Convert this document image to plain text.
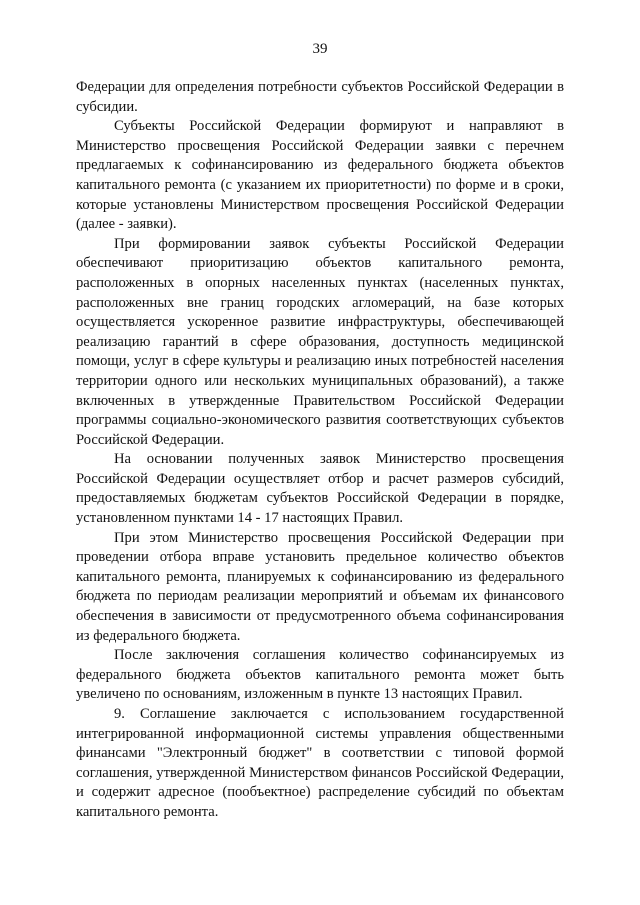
39

Федерации для определения потребности субъектов Российской Федерации в субсидии.

Субъекты Российской Федерации формируют и направляют в Министерство просвещения Российской Федерации заявки с перечнем предлагаемых к софинансированию из федерального бюджета объектов капитального ремонта (с указанием их приоритетности) по форме и в сроки, которые установлены Министерством просвещения Российской Федерации (далее - заявки).

При формировании заявок субъекты Российской Федерации обеспечивают приоритизацию объектов капитального ремонта, расположенных в опорных населенных пунктах (населенных пунктах, расположенных вне границ городских агломераций, на базе которых осуществляется ускоренное развитие инфраструктуры, обеспечивающей реализацию гарантий в сфере образования, доступность медицинской помощи, услуг в сфере культуры и реализацию иных потребностей населения территории одного или нескольких муниципальных образований), а также включенных в утвержденные Правительством Российской Федерации программы социально-экономического развития соответствующих субъектов Российской Федерации.

На основании полученных заявок Министерство просвещения Российской Федерации осуществляет отбор и расчет размеров субсидий, предоставляемых бюджетам субъектов Российской Федерации в порядке, установленном пунктами 14 - 17 настоящих Правил.

При этом Министерство просвещения Российской Федерации при проведении отбора вправе установить предельное количество объектов капитального ремонта, планируемых к софинансированию из федерального бюджета по периодам реализации мероприятий и объемам их финансового обеспечения в зависимости от предусмотренного объема софинансирования из федерального бюджета.

После заключения соглашения количество софинансируемых из федерального бюджета объектов капитального ремонта может быть увеличено по основаниям, изложенным в пункте 13 настоящих Правил.

9. Соглашение заключается с использованием государственной интегрированной информационной системы управления общественными финансами "Электронный бюджет" в соответствии с типовой формой соглашения, утвержденной Министерством финансов Российской Федерации, и содержит адресное (пообъектное) распределение субсидий по объектам капитального ремонта.
